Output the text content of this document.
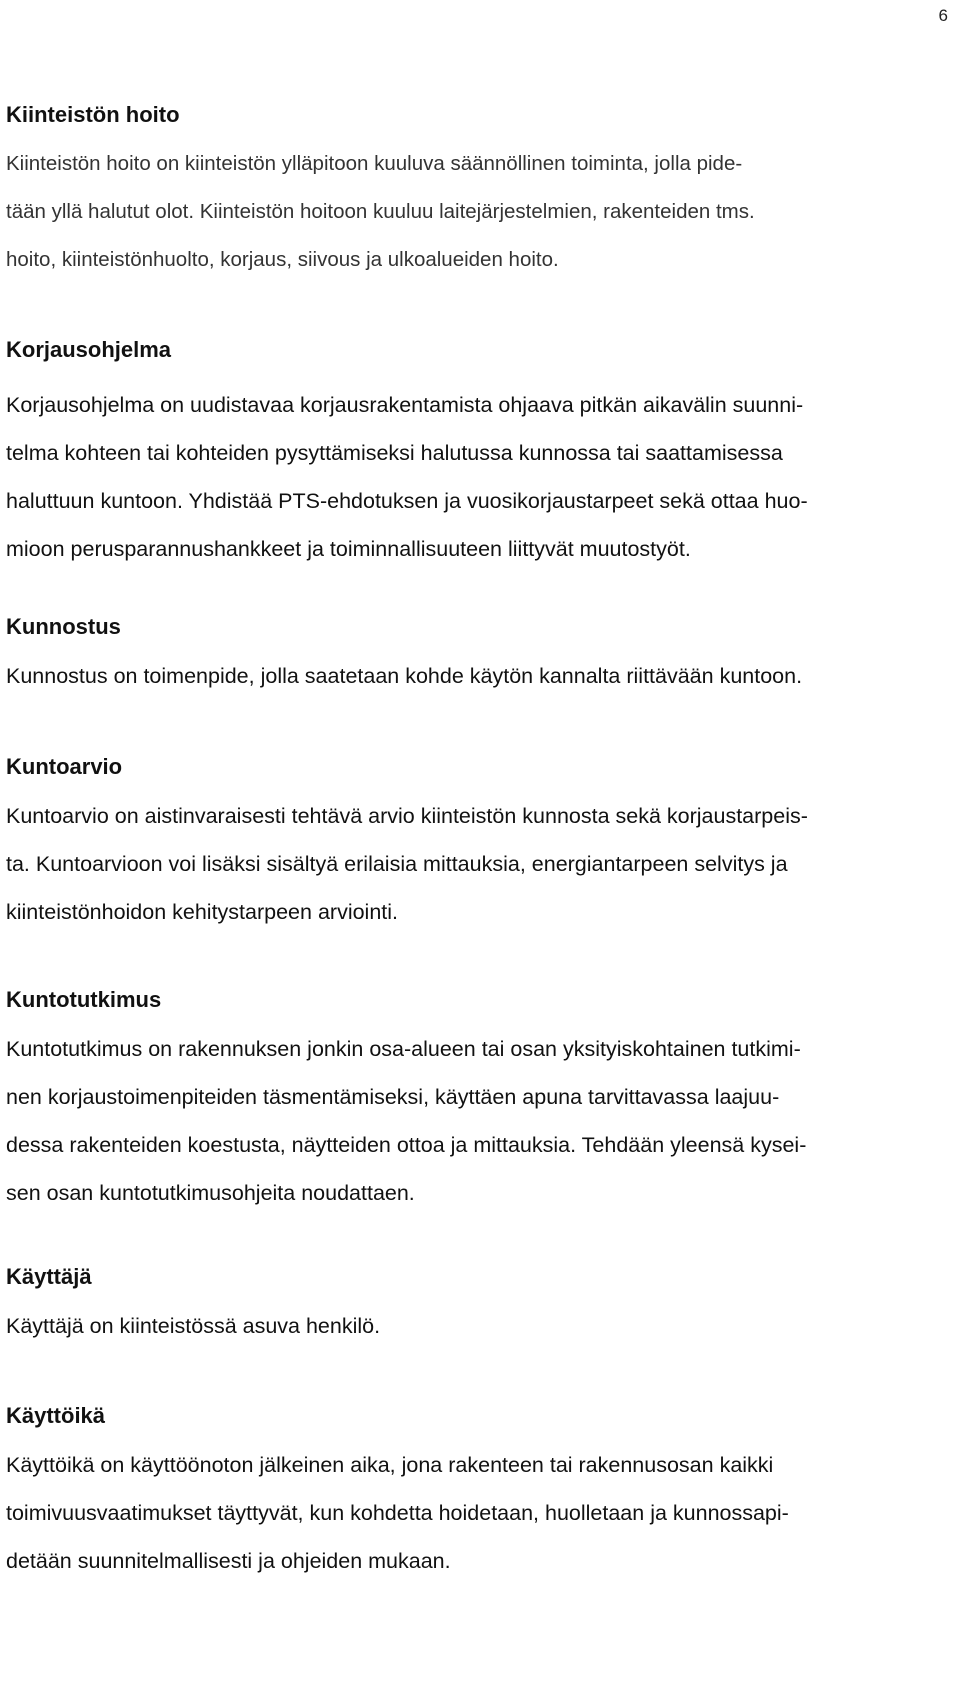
6
Kiinteistön hoito

Kiinteistön hoito on kiinteistön ylläpitoon kuuluva säännöllinen toiminta, jolla pide-
tään yllä halutut olot. Kiinteistön hoitoon kuuluu laitejärjestelmien, rakenteiden tms.
hoito, kiinteistönhuolto, korjaus, siivous ja ulkoalueiden hoito.

Korjausohjelma

Korjausohjelma on uudistavaa korjausrakentamista ohjaava pitkän aikavälin suunni-
telma kohteen tai kohteiden pysyttämiseksi halutussa kunnossa tai saattamisessa
haluttuun kuntoon. Yhdistää PTS-ehdotuksen ja vuosikorjaustarpeet sekä ottaa huo-
mioon perusparannushankkeet ja toiminnallisuuteen liittyvät muutostyöt.

Kunnostus

Kunnostus on toimenpide, jolla saatetaan kohde käytön kannalta riittävään kuntoon.

Kuntoarvio

Kuntoarvio on aistinvaraisesti tehtävä arvio kiinteistön kunnosta sekä korjaustarpeis-
ta. Kuntoarvioon voi lisäksi sisältyä erilaisia mittauksia, energiantarpeen selvitys ja
kiinteistönhoidon kehitystarpeen arviointi.

Kuntotutkimus

Kuntotutkimus on rakennuksen jonkin osa-alueen tai osan yksityiskohtainen tutkimi-
nen korjaustoimenpiteiden täsmentämiseksi, käyttäen apuna tarvittavassa laajuu-
dessa rakenteiden koestusta, näytteiden ottoa ja mittauksia. Tehdään yleensä kysei-
sen osan kuntotutkimusohjeita noudattaen.

Käyttäjä

Käyttäjä on kiinteistössä asuva henkilö.

Käyttöikä

Käyttöikä on käyttöönoton jälkeinen aika, jona rakenteen tai rakennusosan kaikki
toimivuusvaatimukset täyttyvät, kun kohdetta hoidetaan, huolletaan ja kunnossapi-
detään suunnitelmallisesti ja ohjeiden mukaan.
